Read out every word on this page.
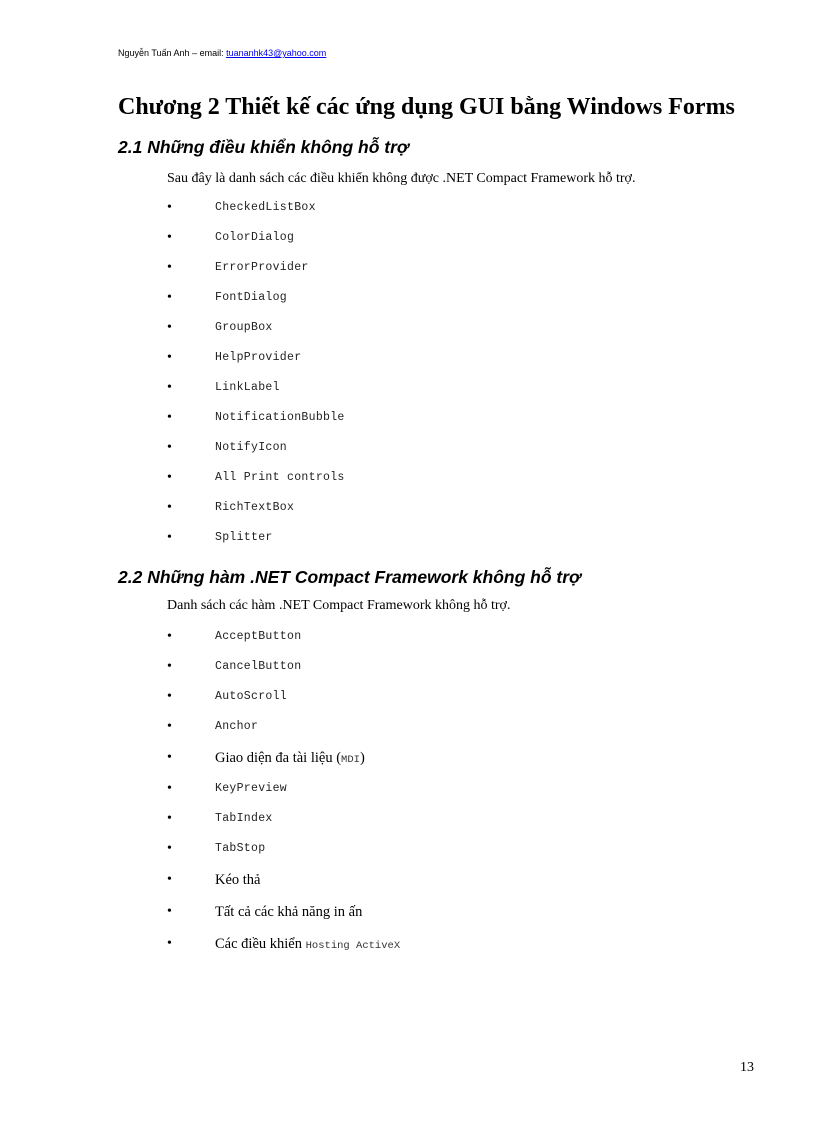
Nguyễn Tuấn Anh – email: tuananhk43@yahoo.com
Chương 2 Thiết kế các ứng dụng GUI bằng Windows Forms
2.1 Những điều khiển không hỗ trợ

Sau đây là danh sách các điều khiển không được .NET Compact Framework hỗ trợ.

•	CheckedListBox
•	ColorDialog
•	ErrorProvider
•	FontDialog
•	GroupBox
•	HelpProvider
•	LinkLabel
•	NotificationBubble
•	NotifyIcon
•	All Print controls
•	RichTextBox
•	Splitter
2.2 Những hàm .NET Compact Framework không hỗ trợ

Danh sách các hàm .NET Compact Framework không hỗ trợ.

•	AcceptButton
•	CancelButton
•	AutoScroll
•	Anchor
•	Giao diện đa tài liệu (MDI)
•	KeyPreview
•	TabIndex
•	TabStop
•	Kéo thả
•	Tất cả các khả năng in ấn
•	Các điều khiển Hosting ActiveX
13
